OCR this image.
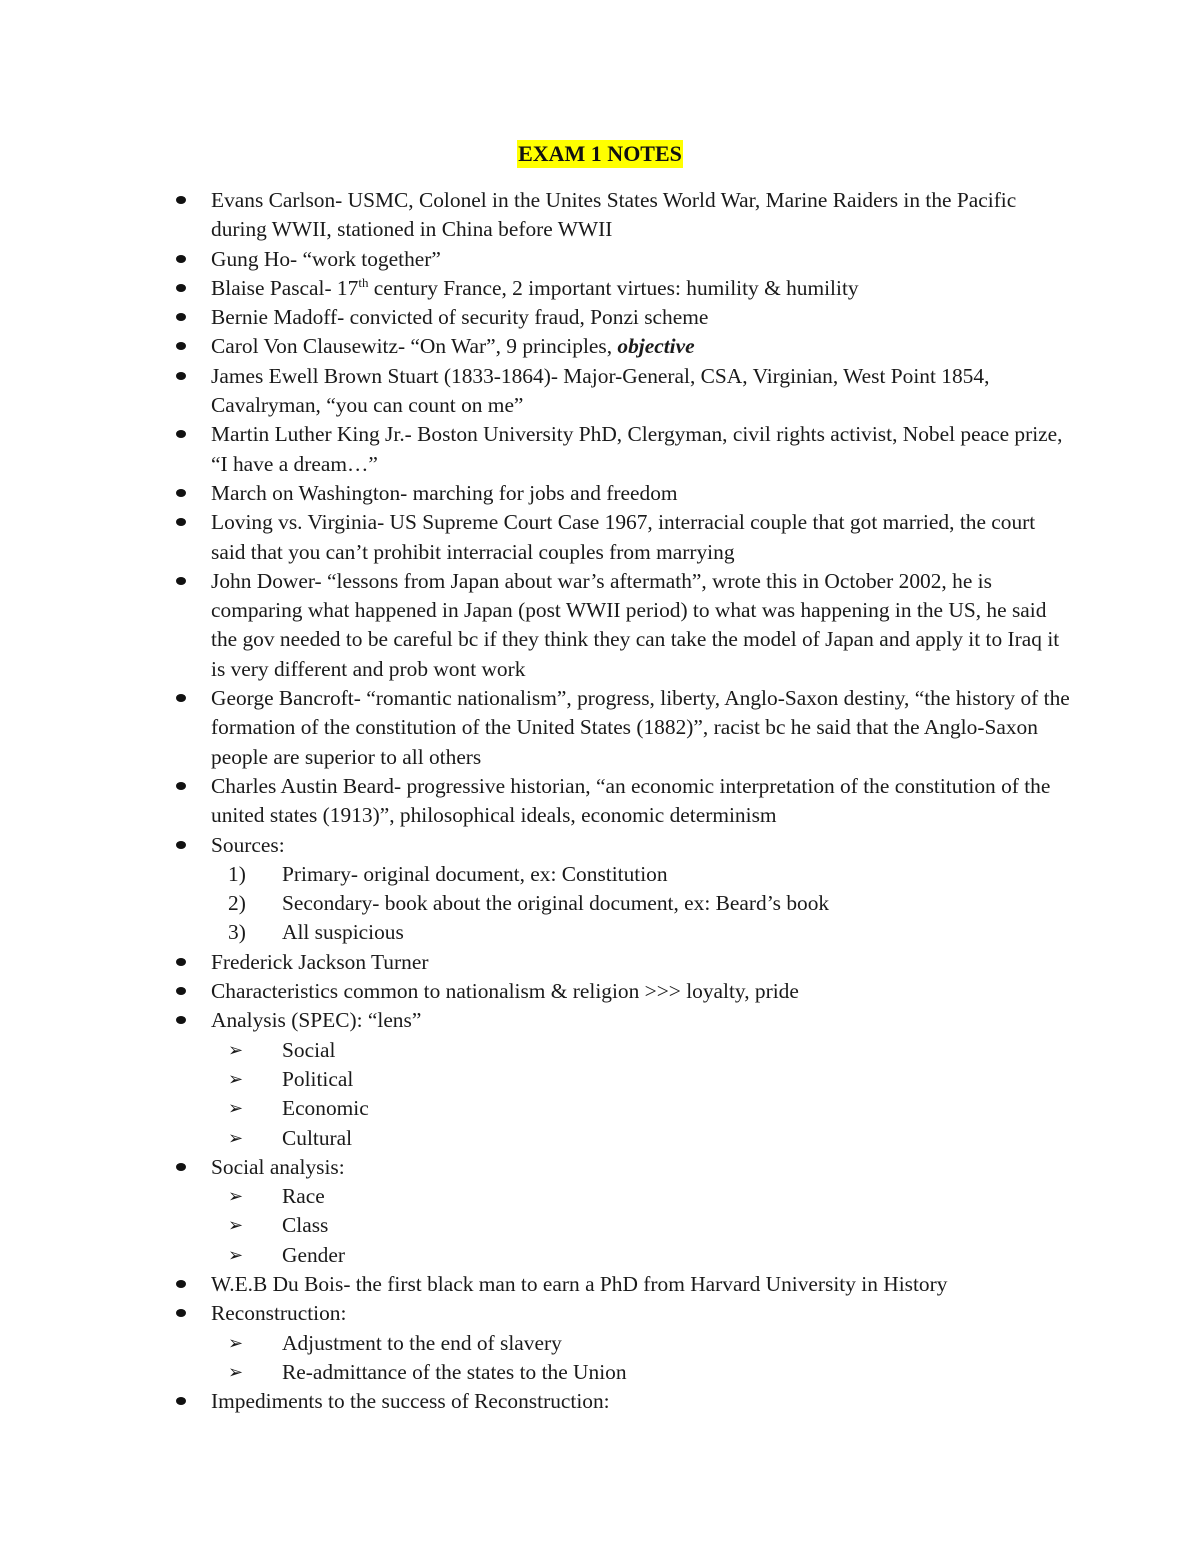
EXAM 1 NOTES
Evans Carlson- USMC, Colonel in the Unites States World War, Marine Raiders in the Pacific during WWII, stationed in China before WWII
Gung Ho- “work together”
Blaise Pascal- 17th century France, 2 important virtues: humility & humility
Bernie Madoff- convicted of security fraud, Ponzi scheme
Carol Von Clausewitz- “On War”, 9 principles, objective
James Ewell Brown Stuart (1833-1864)- Major-General, CSA, Virginian, West Point 1854, Cavalryman, “you can count on me”
Martin Luther King Jr.- Boston University PhD, Clergyman, civil rights activist, Nobel peace prize, “I have a dream…”
March on Washington- marching for jobs and freedom
Loving vs. Virginia- US Supreme Court Case 1967, interracial couple that got married, the court said that you can’t prohibit interracial couples from marrying
John Dower- “lessons from Japan about war’s aftermath”, wrote this in October 2002, he is comparing what happened in Japan (post WWII period) to what was happening in the US, he said the gov needed to be careful bc if they think they can take the model of Japan and apply it to Iraq it is very different and prob wont work
George Bancroft- “romantic nationalism”, progress, liberty, Anglo-Saxon destiny, “the history of the formation of the constitution of the United States (1882)”, racist bc he said that the Anglo-Saxon people are superior to all others
Charles Austin Beard- progressive historian, “an economic interpretation of the constitution of the united states (1913)”, philosophical ideals, economic determinism
Sources:
1) Primary- original document, ex: Constitution
2) Secondary- book about the original document, ex: Beard’s book
3) All suspicious
Frederick Jackson Turner
Characteristics common to nationalism & religion >>> loyalty, pride
Analysis (SPEC): “lens”
➢ Social
➢ Political
➢ Economic
➢ Cultural
Social analysis:
➢ Race
➢ Class
➢ Gender
W.E.B Du Bois- the first black man to earn a PhD from Harvard University in History
Reconstruction:
➢ Adjustment to the end of slavery
➢ Re-admittance of the states to the Union
Impediments to the success of Reconstruction:
